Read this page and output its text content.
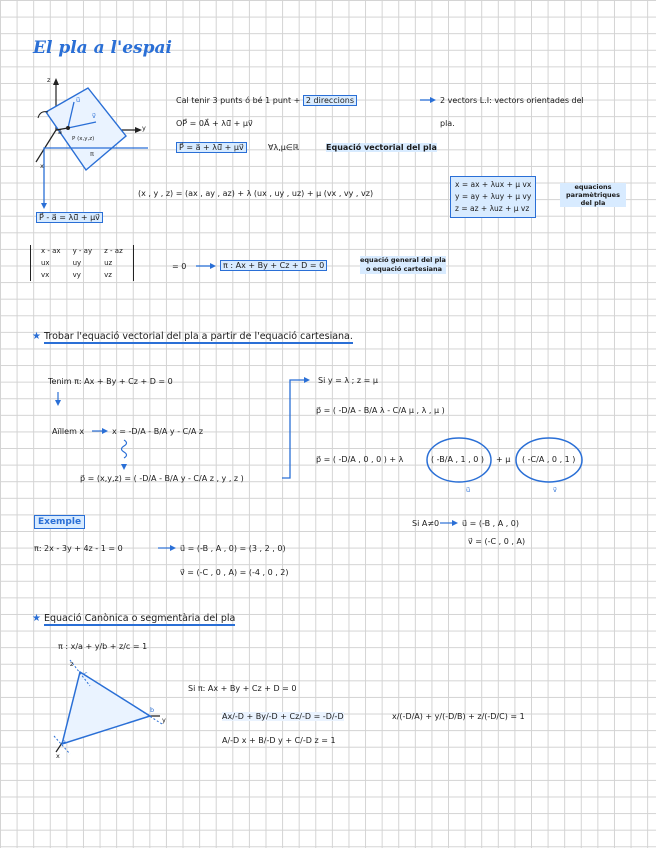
El pla a l'espai
z
y
x
u⃗
v⃗
a⃗
P (x,y,z)
π
Cal tenir 3 punts ó bé 1 punt + 2 direccions	2 vectors L.I: vectors orientades del
OP⃗ = 0A⃗ + λū⃗ + μv⃗	pla.
P⃗ = a⃗ + λū⃗ + μv⃗	∀λ,μ∈ℝ	Equació vectorial del pla
(x , y , z) = (ax , ay , az) + λ (ux , uy , uz) + μ (vx , vy , vz)
x = ax + λux + μ vx
y = ay + λuy + μ vy
z = az + λuz + μ vz
equacions paramètriques del pla
P⃗ - a⃗ = λū⃗ + μv⃗
x - ax	y - ay	z - az
ux	uy	uz
vx	vy	vz
= 0	π : Ax + By + Cz + D = 0
equació general del pla
o equació cartesiana
★ Trobar l'equació vectorial del pla a partir de l'equació cartesiana.
Tenim π: Ax + By + Cz + D = 0
Aïllem x	x = -D/A - B/A y - C/A z
p⃗ = (x,y,z) = ( -D/A - B/A y - C/A z , y , z )
Si y = λ ; z = μ
p⃗ = ( -D/A - B/A λ - C/A μ , λ , μ )
p⃗ = ( -D/A , 0 , 0 ) + λ	( -B/A , 1 , 0 ) + μ ( -C/A , 0 , 1 )
u⃗	v⃗
Exemple
π: 2x - 3y + 4z - 1 = 0	u⃗ = (-B , A , 0) = (3 , 2 , 0)
v⃗ = (-C , 0 , A) = (-4 , 0 , 2)
Si A≠0	u⃗ = (-B , A , 0)
v⃗ = (-C , 0 , A)
★ Equació Canònica o segmentària del pla
π : x/a + y/b + z/c = 1
z
c
y
b
x
a
Si π: Ax + By + Cz + D = 0
Ax/-D + By/-D + Cz/-D = -D/-D
A/-D x + B/-D y + C/-D z = 1
x/(-D/A) + y/(-D/B) + z/(-D/C) = 1
